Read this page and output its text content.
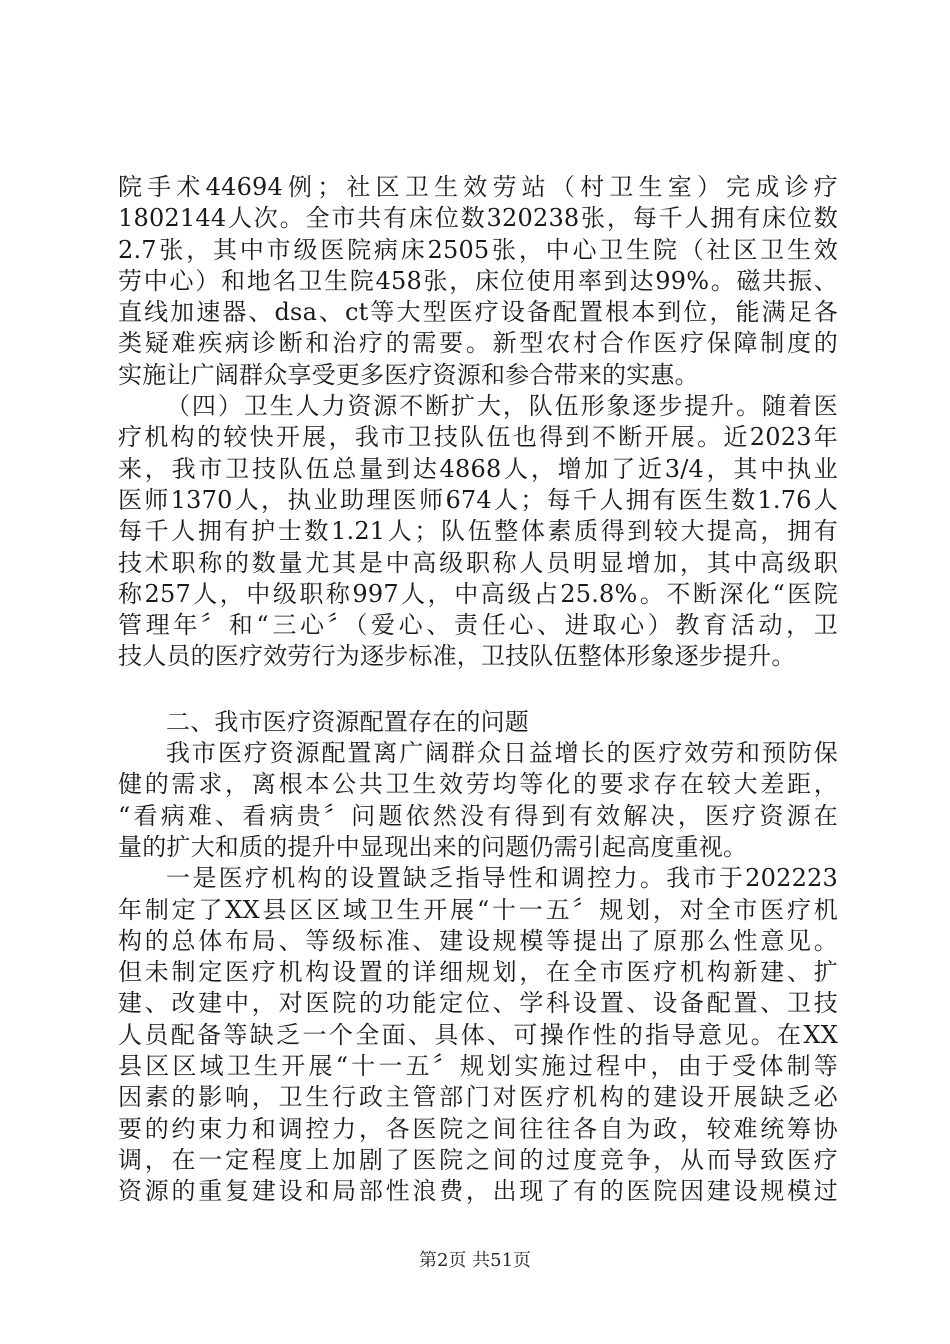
院手术44694例；社区卫生效劳站（村卫生室）完成诊疗
1802144人次。全市共有床位数320238张，每千人拥有床位数
2.7张，其中市级医院病床2505张，中心卫生院（社区卫生效
劳中心）和地名卫生院458张，床位使用率到达99%。磁共振、
直线加速器、dsa、ct等大型医疗设备配置根本到位，能满足各
类疑难疾病诊断和治疗的需要。新型农村合作医疗保障制度的
实施让广阔群众享受更多医疗资源和参合带来的实惠。
（四）卫生人力资源不断扩大，队伍形象逐步提升。随着医
疗机构的较快开展，我市卫技队伍也得到不断开展。近2023年
来，我市卫技队伍总量到达4868人，增加了近3/4，其中执业
医师1370人，执业助理医师674人；每千人拥有医生数1.76人
每千人拥有护士数1.21人；队伍整体素质得到较大提高，拥有
技术职称的数量尤其是中高级职称人员明显增加，其中高级职
称257人，中级职称997人，中高级占25.8%。不断深化“医院
管理年〞和“三心〞（爱心、责任心、进取心）教育活动，卫
技人员的医疗效劳行为逐步标准，卫技队伍整体形象逐步提升。
二、我市医疗资源配置存在的问题
我市医疗资源配置离广阔群众日益增长的医疗效劳和预防保
健的需求，离根本公共卫生效劳均等化的要求存在较大差距，
“看病难、看病贵〞问题依然没有得到有效解决，医疗资源在
量的扩大和质的提升中显现出来的问题仍需引起高度重视。
一是医疗机构的设置缺乏指导性和调控力。我市于202223
年制定了XX县区区域卫生开展“十一五〞规划，对全市医疗机
构的总体布局、等级标准、建设规模等提出了原那么性意见。
但未制定医疗机构设置的详细规划，在全市医疗机构新建、扩
建、改建中，对医院的功能定位、学科设置、设备配置、卫技
人员配备等缺乏一个全面、具体、可操作性的指导意见。在XX
县区区域卫生开展“十一五〞规划实施过程中，由于受体制等
因素的影响，卫生行政主管部门对医疗机构的建设开展缺乏必
要的约束力和调控力，各医院之间往往各自为政，较难统筹协
调，在一定程度上加剧了医院之间的过度竞争，从而导致医疗
资源的重复建设和局部性浪费，出现了有的医院因建设规模过
第2页 共51页
